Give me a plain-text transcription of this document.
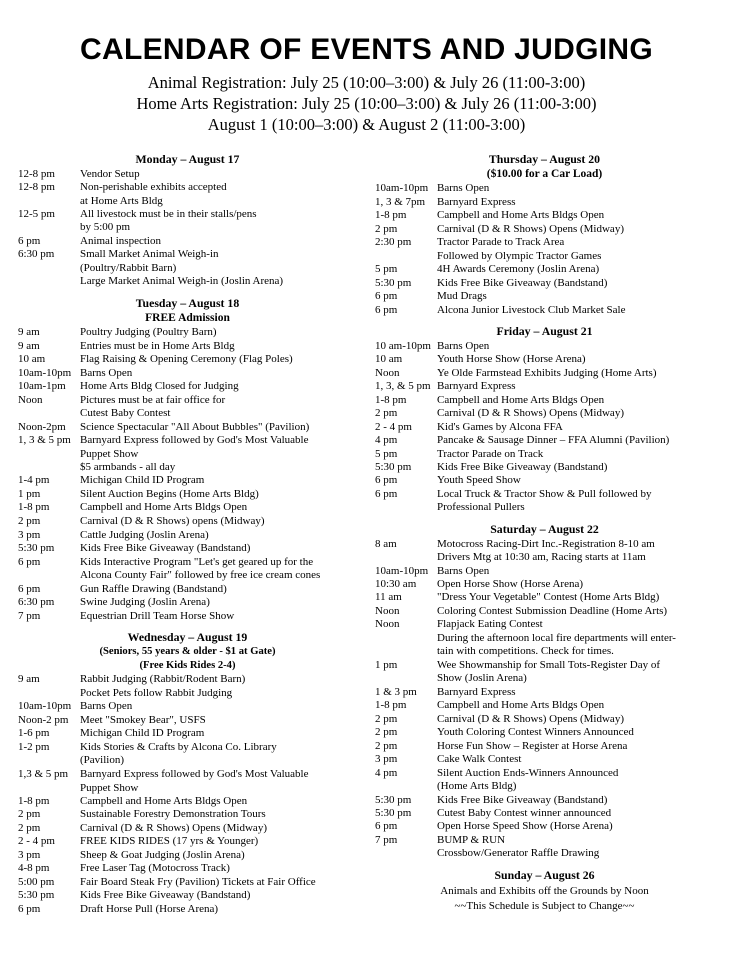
CALENDAR OF EVENTS AND JUDGING
Animal Registration: July 25 (10:00–3:00) & July 26 (11:00-3:00)
Home Arts Registration: July 25 (10:00–3:00) & July 26 (11:00-3:00)
August 1 (10:00–3:00) & August 2 (11:00-3:00)
Monday – August 17
12-8 pm	Vendor Setup
12-8 pm	Non-perishable exhibits accepted
	at Home Arts Bldg
12-5 pm	All livestock must be in their stalls/pens
	by 5:00 pm
6 pm	Animal inspection
6:30 pm	Small Market Animal Weigh-in
	(Poultry/Rabbit Barn)
	Large Market Animal Weigh-in (Joslin Arena)
Tuesday – August 18
FREE Admission
9 am	Poultry Judging (Poultry Barn)
9 am	Entries must be in Home Arts Bldg
10 am	Flag Raising & Opening Ceremony (Flag Poles)
10am-10pm	Barns Open
10am-1pm	Home Arts Bldg Closed for Judging
Noon	Pictures must be at fair office for
	Cutest Baby Contest
Noon-2pm	Science Spectacular "All About Bubbles" (Pavilion)
1, 3 & 5 pm	Barnyard Express followed by God's Most Valuable
	Puppet Show
	$5 armbands - all day
1-4 pm	Michigan Child ID Program
1 pm	Silent Auction Begins (Home Arts Bldg)
1-8 pm	Campbell and Home Arts Bldgs Open
2 pm	Carnival (D & R Shows) opens (Midway)

3 pm	Cattle Judging (Joslin Arena)
5:30 pm	Kids Free Bike Giveaway (Bandstand)
6 pm	Kids Interactive Program "Let's get geared up for the
	Alcona County Fair" followed by free ice cream cones
6 pm	Gun Raffle Drawing (Bandstand)
6:30 pm	Swine Judging (Joslin Arena)
7 pm	Equestrian Drill Team Horse Show
Wednesday – August 19
(Seniors, 55 years & older - $1 at Gate)
(Free Kids Rides 2-4)
9 am	Rabbit Judging (Rabbit/Rodent Barn)
	Pocket Pets follow Rabbit Judging
10am-10pm	Barns Open
Noon-2 pm	Meet "Smokey Bear", USFS
1-6 pm	Michigan Child ID Program
1-2 pm	Kids Stories & Crafts by Alcona Co. Library
	(Pavilion)

1,3 & 5 pm	Barnyard Express followed by God's Most Valuable
	Puppet Show
1-8 pm	Campbell and Home Arts Bldgs Open
2 pm	Sustainable Forestry Demonstration Tours
2 pm	Carnival (D & R Shows) Opens (Midway)
2 - 4 pm	FREE KIDS RIDES (17 yrs & Younger)
3 pm	Sheep & Goat Judging (Joslin Arena)
4-8 pm	Free Laser Tag (Motocross Track)
5:00 pm	Fair Board Steak Fry (Pavilion) Tickets at Fair Office
5:30 pm	Kids Free Bike Giveaway (Bandstand)
6 pm	Draft Horse Pull (Horse Arena)
Thursday – August 20
($10.00 for a Car Load)
10am-10pm	Barns Open
1, 3 & 7pm	Barnyard Express
1-8 pm	Campbell and Home Arts Bldgs Open
2 pm	Carnival (D & R Shows) Opens (Midway)
2:30 pm	Tractor Parade to Track Area
	Followed by Olympic Tractor Games
5 pm	4H Awards Ceremony (Joslin Arena)
5:30 pm	Kids Free Bike Giveaway (Bandstand)
6 pm	Mud Drags
6 pm	Alcona Junior Livestock Club Market Sale
Friday – August 21
10 am-10pm	Barns Open
10 am	Youth Horse Show (Horse Arena)
Noon	Ye Olde Farmstead Exhibits Judging (Home Arts)
1, 3, & 5 pm	Barnyard Express
1-8 pm	Campbell and Home Arts Bldgs Open
2 pm	Carnival (D & R Shows) Opens (Midway)
2 - 4 pm	Kid's Games by Alcona FFA
4 pm	Pancake & Sausage Dinner – FFA Alumni (Pavilion)
5 pm	Tractor Parade on Track
5:30 pm	Kids Free Bike Giveaway (Bandstand)
6 pm	Youth Speed Show
6 pm	Local Truck & Tractor Show & Pull followed by
	Professional Pullers
Saturday – August 22
8 am	Motocross Racing-Dirt Inc.-Registration 8-10 am
	Drivers Mtg at 10:30 am, Racing starts at 11am
10am-10pm	Barns Open
10:30 am	Open Horse Show (Horse Arena)
11 am	"Dress Your Vegetable" Contest (Home Arts Bldg)
Noon	Coloring Contest Submission Deadline (Home Arts)
Noon	Flapjack Eating Contest
	During the afternoon local fire departments will enter-
	tain with competitions. Check for times.
1 pm	Wee Showmanship for Small Tots-Register Day of
	Show (Joslin Arena)
1 & 3 pm	Barnyard Express
1-8 pm	Campbell and Home Arts Bldgs Open
2 pm	Carnival (D & R Shows) Opens (Midway)
2 pm	Youth Coloring Contest Winners Announced
2 pm	Horse Fun Show – Register at Horse Arena
3 pm	Cake Walk Contest
4 pm	Silent Auction Ends-Winners Announced
	(Home Arts Bldg)
5:30 pm	Kids Free Bike Giveaway (Bandstand)
5:30 pm	Cutest Baby Contest winner announced
6 pm	Open Horse Speed Show (Horse Arena)
7 pm	BUMP & RUN
	Crossbow/Generator Raffle Drawing
Sunday – August 26
Animals and Exhibits off the Grounds by Noon
~~This Schedule is Subject to Change~~
